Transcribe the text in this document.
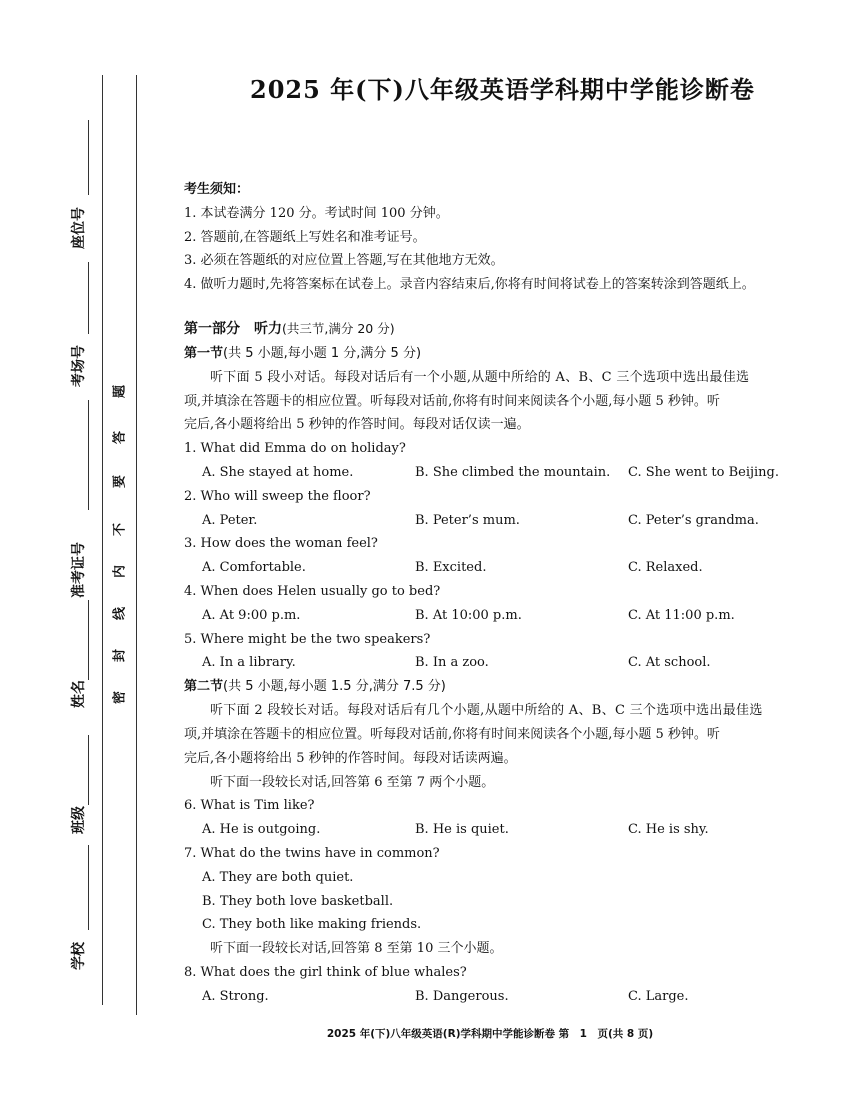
座位号
考场号
准考证号
姓名
班级
学校
密
封
线
内
不
要
答
题
2025 年(下)八年级英语学科期中学能诊断卷
考生须知：
1. 本试卷满分 120 分。考试时间 100 分钟。
2. 答题前,在答题纸上写姓名和准考证号。
3. 必须在答题纸的对应位置上答题,写在其他地方无效。
4. 做听力题时,先将答案标在试卷上。录音内容结束后,你将有时间将试卷上的答案转涂到答题纸上。
第一部分　听力(共三节,满分 20 分)
第一节(共 5 小题,每小题 1 分,满分 5 分)
听下面 5 段小对话。每段对话后有一个小题,从题中所给的 A、B、C 三个选项中选出最佳选
项,并填涂在答题卡的相应位置。听每段对话前,你将有时间来阅读各个小题,每小题 5 秒钟。听
完后,各小题将给出 5 秒钟的作答时间。每段对话仅读一遍。
1. What did Emma do on holiday?
A. She stayed at home.	B. She climbed the mountain.	C. She went to Beijing.
2. Who will sweep the floor?
A. Peter.	B. Peter’s mum.	C. Peter’s grandma.
3. How does the woman feel?
A. Comfortable.	B. Excited.	C. Relaxed.
4. When does Helen usually go to bed?
A. At 9:00 p.m.	B. At 10:00 p.m.	C. At 11:00 p.m.
5. Where might be the two speakers?
A. In a library.	B. In a zoo.	C. At school.
第二节(共 5 小题,每小题 1.5 分,满分 7.5 分)
听下面 2 段较长对话。每段对话后有几个小题,从题中所给的 A、B、C 三个选项中选出最佳选
项,并填涂在答题卡的相应位置。听每段对话前,你将有时间来阅读各个小题,每小题 5 秒钟。听
完后,各小题将给出 5 秒钟的作答时间。每段对话读两遍。
听下面一段较长对话,回答第 6 至第 7 两个小题。
6. What is Tim like?
A. He is outgoing.	B. He is quiet.	C. He is shy.
7. What do the twins have in common?
A. They are both quiet.
B. They both love basketball.
C. They both like making friends.
听下面一段较长对话,回答第 8 至第 10 三个小题。
8. What does the girl think of blue whales?
A. Strong.	B. Dangerous.	C. Large.
2025 年(下)八年级英语(R)学科期中学能诊断卷 第　1　页(共 8 页)
